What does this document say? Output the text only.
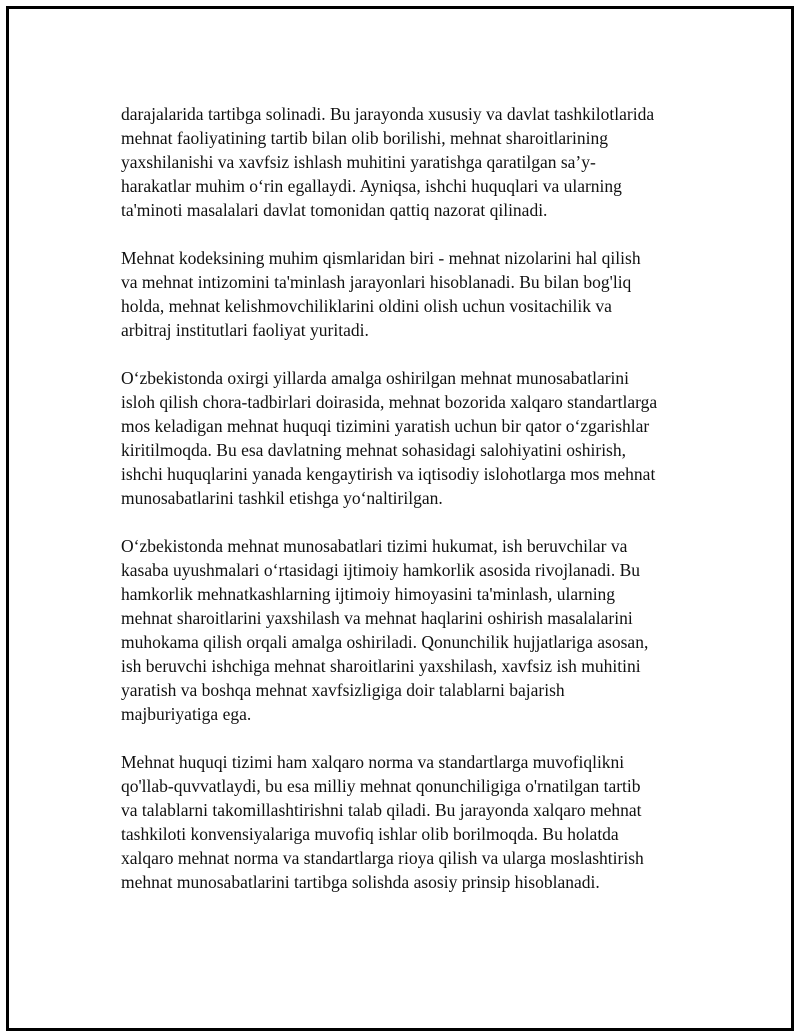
darajalarida tartibga solinadi. Bu jarayonda xususiy va davlat tashkilotlarida
mehnat faoliyatining tartib bilan olib borilishi, mehnat sharoitlarining
yaxshilanishi va xavfsiz ishlash muhitini yaratishga qaratilgan sa’y-
harakatlar muhim o‘rin egallaydi. Ayniqsa, ishchi huquqlari va ularning
ta'minoti masalalari davlat tomonidan qattiq nazorat qilinadi.

Mehnat kodeksining muhim qismlaridan biri - mehnat nizolarini hal qilish
va mehnat intizomini ta'minlash jarayonlari hisoblanadi. Bu bilan bog'liq
holda, mehnat kelishmovchiliklarini oldini olish uchun vositachilik va
arbitraj institutlari faoliyat yuritadi.

O‘zbekistonda oxirgi yillarda amalga oshirilgan mehnat munosabatlarini
isloh qilish chora-tadbirlari doirasida, mehnat bozorida xalqaro standartlarga
mos keladigan mehnat huquqi tizimini yaratish uchun bir qator o‘zgarishlar
kiritilmoqda. Bu esa davlatning mehnat sohasidagi salohiyatini oshirish,
ishchi huquqlarini yanada kengaytirish va iqtisodiy islohotlarga mos mehnat
munosabatlarini tashkil etishga yo‘naltirilgan.

O‘zbekistonda mehnat munosabatlari tizimi hukumat, ish beruvchilar va
kasaba uyushmalari o‘rtasidagi ijtimoiy hamkorlik asosida rivojlanadi. Bu
hamkorlik mehnatkashlarning ijtimoiy himoyasini ta'minlash, ularning
mehnat sharoitlarini yaxshilash va mehnat haqlarini oshirish masalalarini
muhokama qilish orqali amalga oshiriladi. Qonunchilik hujjatlariga asosan,
ish beruvchi ishchiga mehnat sharoitlarini yaxshilash, xavfsiz ish muhitini
yaratish va boshqa mehnat xavfsizligiga doir talablarni bajarish
majburiyatiga ega.

Mehnat huquqi tizimi ham xalqaro norma va standartlarga muvofiqlikni
qo'llab-quvvatlaydi, bu esa milliy mehnat qonunchiligiga o'rnatilgan tartib
va talablarni takomillashtirishni talab qiladi. Bu jarayonda xalqaro mehnat
tashkiloti konvensiyalariga muvofiq ishlar olib borilmoqda. Bu holatda
xalqaro mehnat norma va standartlarga rioya qilish va ularga moslashtirish
mehnat munosabatlarini tartibga solishda asosiy prinsip hisoblanadi.
